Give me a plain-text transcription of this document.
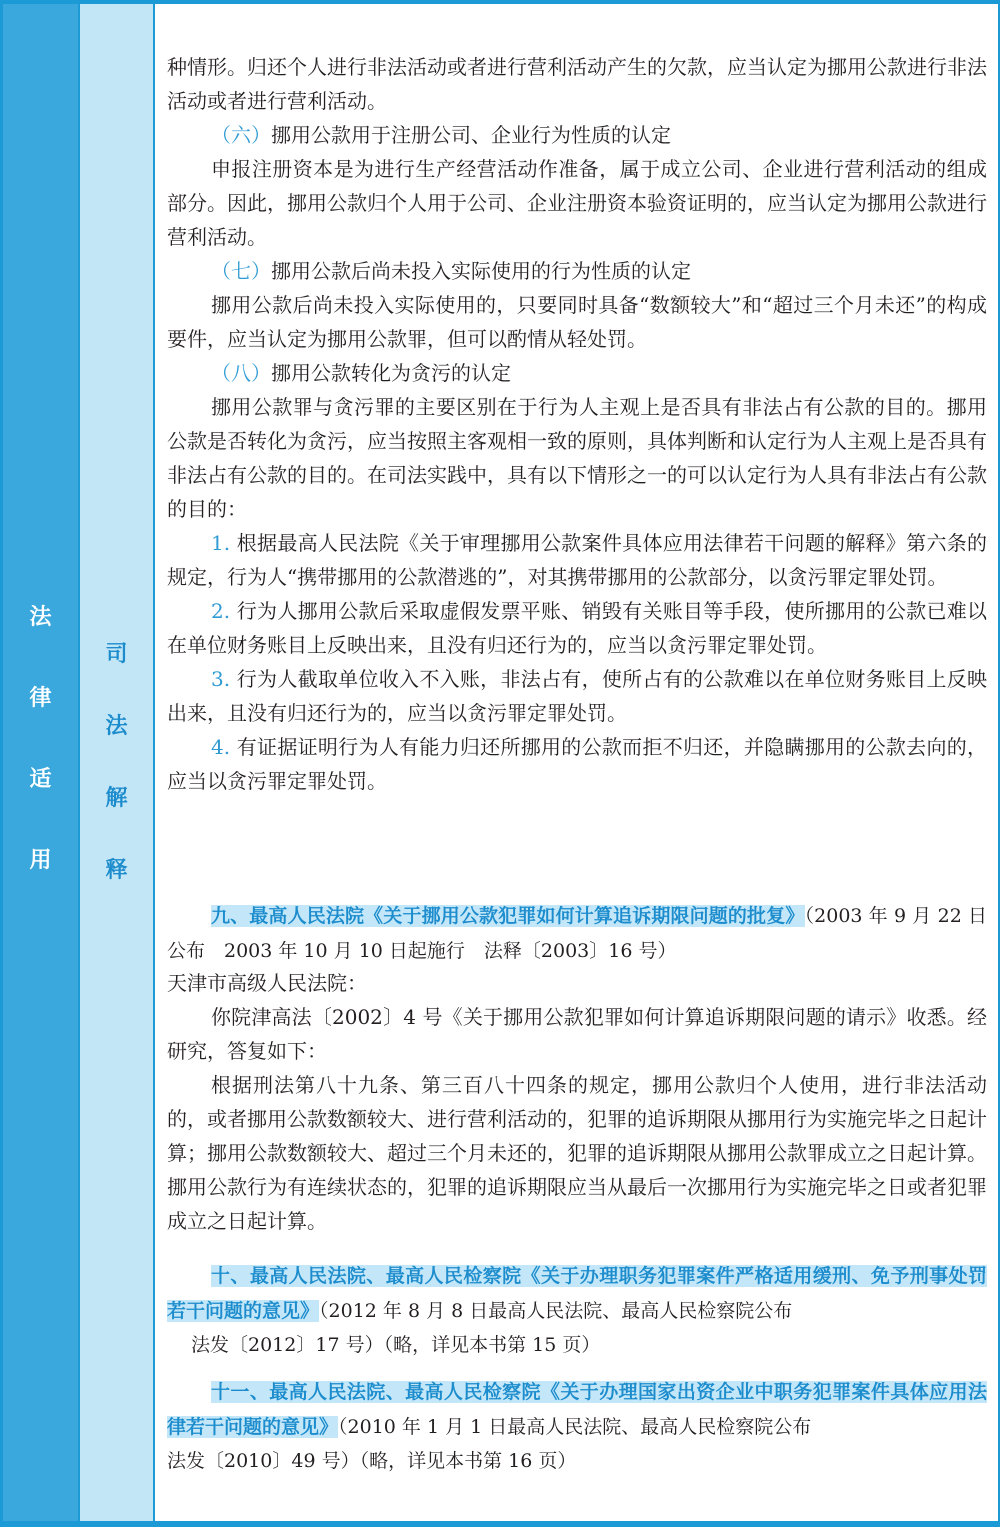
法
律
适
用
司
法
解
释

种情形。归还个人进行非法活动或者进行营利活动产生的欠款，应当认定为挪用公款进行非法活动或者进行营利活动。

（六）挪用公款用于注册公司、企业行为性质的认定

申报注册资本是为进行生产经营活动作准备，属于成立公司、企业进行营利活动的组成部分。因此，挪用公款归个人用于公司、企业注册资本验资证明的，应当认定为挪用公款进行营利活动。

（七）挪用公款后尚未投入实际使用的行为性质的认定

挪用公款后尚未投入实际使用的，只要同时具备“数额较大”和“超过三个月未还”的构成要件，应当认定为挪用公款罪，但可以酌情从轻处罚。

（八）挪用公款转化为贪污的认定

挪用公款罪与贪污罪的主要区别在于行为人主观上是否具有非法占有公款的目的。挪用公款是否转化为贪污，应当按照主客观相一致的原则，具体判断和认定行为人主观上是否具有非法占有公款的目的。在司法实践中，具有以下情形之一的可以认定行为人具有非法占有公款的目的：

1. 根据最高人民法院《关于审理挪用公款案件具体应用法律若干问题的解释》第六条的规定，行为人“携带挪用的公款潜逃的”，对其携带挪用的公款部分，以贪污罪定罪处罚。

2. 行为人挪用公款后采取虚假发票平账、销毁有关账目等手段，使所挪用的公款已难以在单位财务账目上反映出来，且没有归还行为的，应当以贪污罪定罪处罚。

3. 行为人截取单位收入不入账，非法占有，使所占有的公款难以在单位财务账目上反映出来，且没有归还行为的，应当以贪污罪定罪处罚。

4. 有证据证明行为人有能力归还所挪用的公款而拒不归还，并隐瞒挪用的公款去向的，应当以贪污罪定罪处罚。

九、最高人民法院《关于挪用公款犯罪如何计算追诉期限问题的批复》（2003 年 9 月 22 日公布　2003 年 10 月 10 日起施行　法释〔2003〕16 号）

天津市高级人民法院：

你院津高法〔2002〕4 号《关于挪用公款犯罪如何计算追诉期限问题的请示》收悉。经研究，答复如下：

根据刑法第八十九条、第三百八十四条的规定，挪用公款归个人使用，进行非法活动的，或者挪用公款数额较大、进行营利活动的，犯罪的追诉期限从挪用行为实施完毕之日起计算；挪用公款数额较大、超过三个月未还的，犯罪的追诉期限从挪用公款罪成立之日起计算。挪用公款行为有连续状态的，犯罪的追诉期限应当从最后一次挪用行为实施完毕之日或者犯罪成立之日起计算。

十、最高人民法院、最高人民检察院《关于办理职务犯罪案件严格适用缓刑、免予刑事处罚若干问题的意见》（2012 年 8 月 8 日最高人民法院、最高人民检察院公布

法发〔2012〕17 号）（略，详见本书第 15 页）

十一、最高人民法院、最高人民检察院《关于办理国家出资企业中职务犯罪案件具体应用法律若干问题的意见》（2010 年 1 月 1 日最高人民法院、最高人民检察院公布

法发〔2010〕49 号）（略，详见本书第 16 页）
